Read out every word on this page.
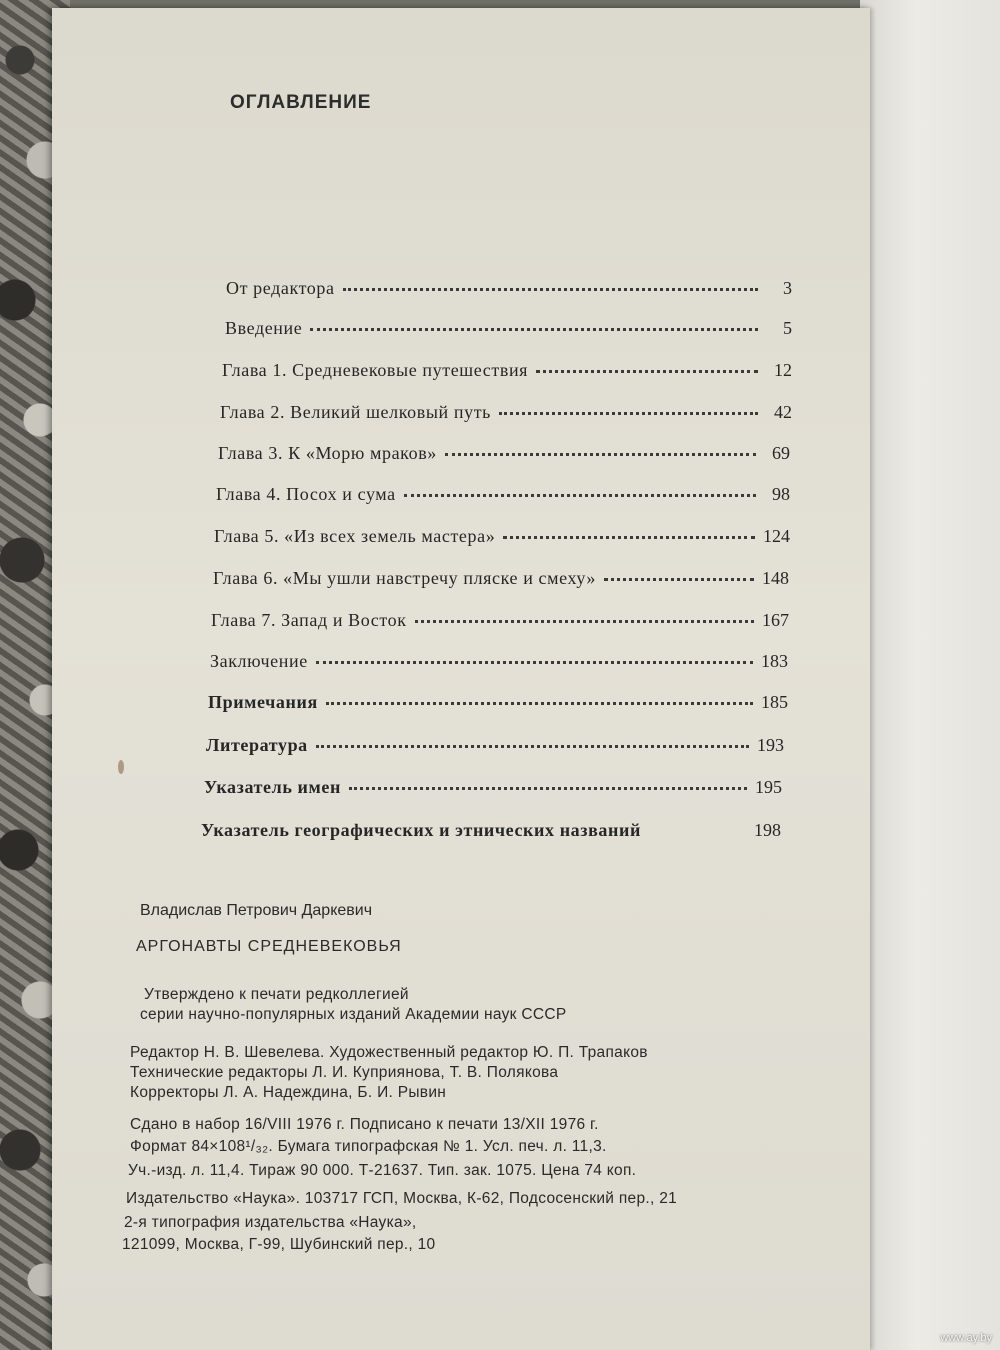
ОГЛАВЛЕНИЕ
От редактора	3
Введение	5
Глава 1. Средневековые путешествия	12
Глава 2. Великий шелковый путь	42
Глава 3. К «Морю мраков»	69
Глава 4. Посох и сума	98
Глава 5. «Из всех земель мастера»	124
Глава 6. «Мы ушли навстречу пляске и смеху»	148
Глава 7. Запад и Восток	167
Заключение	183
Примечания	185
Литература	193
Указатель имен	195
Указатель географических и этнических названий	198
Владислав Петрович Даркевич
АРГОНАВТЫ СРЕДНЕВЕКОВЬЯ
Утверждено к печати редколлегией
серии научно-популярных изданий Академии наук СССР
Редактор Н. В. Шевелева. Художественный редактор Ю. П. Трапаков
Технические редакторы Л. И. Куприянова, Т. В. Полякова
Корректоры Л. А. Надеждина, Б. И. Рывин
Сдано в набор 16/VIII 1976 г. Подписано к печати 13/XII 1976 г.
Формат 84×108¹/₃₂. Бумага типографская № 1. Усл. печ. л. 11,3.
Уч.-изд. л. 11,4. Тираж 90 000. Т-21637. Тип. зак. 1075. Цена 74 коп.
Издательство «Наука». 103717 ГСП, Москва, К-62, Подсосенский пер., 21
2-я типография издательства «Наука»,
121099, Москва, Г-99, Шубинский пер., 10
www.ay.by
